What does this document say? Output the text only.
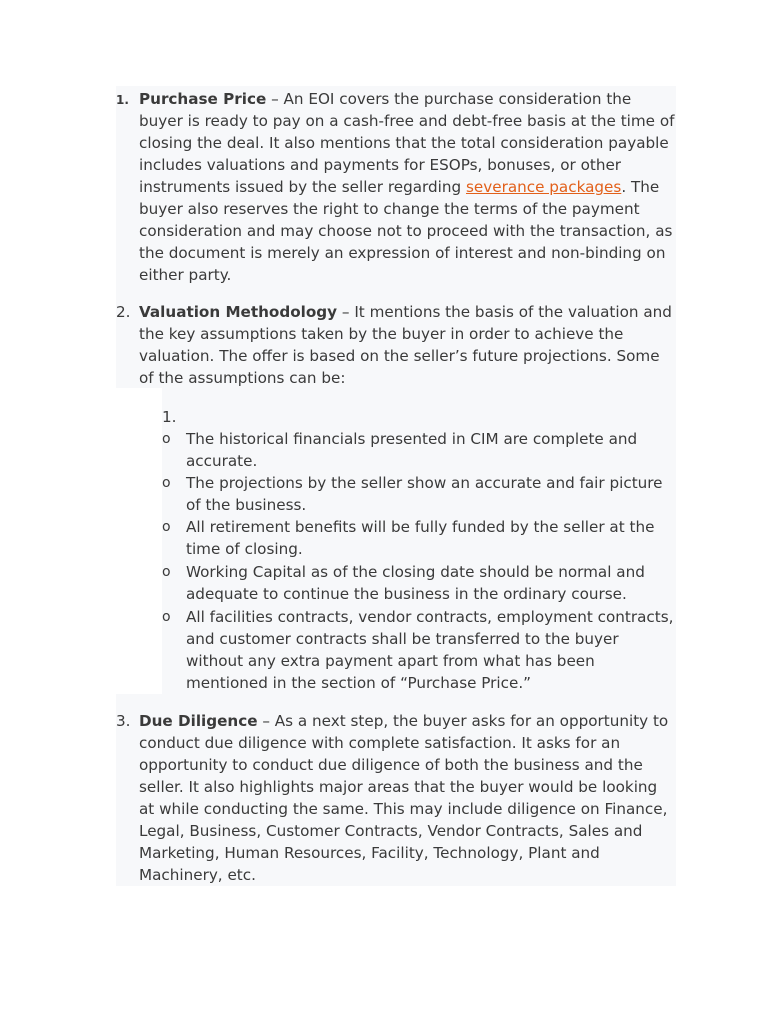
1. Purchase Price – An EOI covers the purchase consideration the buyer is ready to pay on a cash-free and debt-free basis at the time of closing the deal. It also mentions that the total consideration payable includes valuations and payments for ESOPs, bonuses, or other instruments issued by the seller regarding severance packages. The buyer also reserves the right to change the terms of the payment consideration and may choose not to proceed with the transaction, as the document is merely an expression of interest and non-binding on either party.
2. Valuation Methodology – It mentions the basis of the valuation and the key assumptions taken by the buyer in order to achieve the valuation. The offer is based on the seller’s future projections. Some of the assumptions can be:
1.
o The historical financials presented in CIM are complete and accurate.
o The projections by the seller show an accurate and fair picture of the business.
o All retirement benefits will be fully funded by the seller at the time of closing.
o Working Capital as of the closing date should be normal and adequate to continue the business in the ordinary course.
o All facilities contracts, vendor contracts, employment contracts, and customer contracts shall be transferred to the buyer without any extra payment apart from what has been mentioned in the section of “Purchase Price.”
3. Due Diligence – As a next step, the buyer asks for an opportunity to conduct due diligence with complete satisfaction. It asks for an opportunity to conduct due diligence of both the business and the seller. It also highlights major areas that the buyer would be looking at while conducting the same. This may include diligence on Finance, Legal, Business, Customer Contracts, Vendor Contracts, Sales and Marketing, Human Resources, Facility, Technology, Plant and Machinery, etc.
